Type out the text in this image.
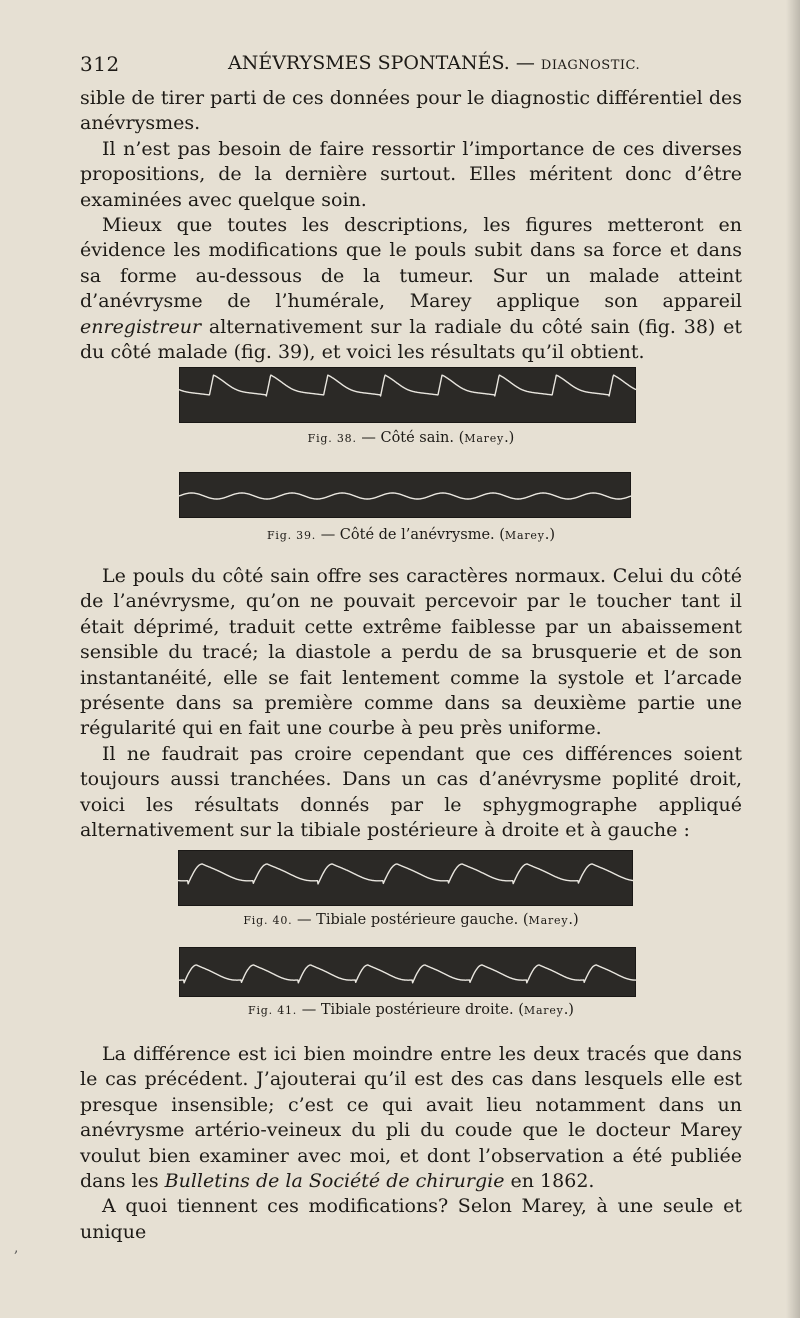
312	ANÉVRYSMES SPONTANÉS. — DIAGNOSTIC.

sible de tirer parti de ces données pour le diagnostic différentiel des anévrysmes.

Il n’est pas besoin de faire ressortir l’importance de ces diverses propositions, de la dernière surtout. Elles méritent donc d’être examinées avec quelque soin.

Mieux que toutes les descriptions, les figures metteront en évidence les modifications que le pouls subit dans sa force et dans sa forme au-dessous de la tumeur. Sur un malade atteint d’anévrysme de l’humérale, Marey applique son appareil enregistreur alternativement sur la radiale du côté sain (fig. 38) et du côté malade (fig. 39), et voici les résultats qu’il obtient.

Fig. 38. — Côté sain. (Marey.)
Fig. 39. — Côté de l’anévrysme. (Marey.)

Le pouls du côté sain offre ses caractères normaux. Celui du côté de l’anévrysme, qu’on ne pouvait percevoir par le toucher tant il était déprimé, traduit cette extrême faiblesse par un abaissement sensible du tracé; la diastole a perdu de sa brusquerie et de son instantanéité, elle se fait lentement comme la systole et l’arcade présente dans sa première comme dans sa deuxième partie une régularité qui en fait une courbe à peu près uniforme.

Il ne faudrait pas croire cependant que ces différences soient toujours aussi tranchées. Dans un cas d’anévrysme poplité droit, voici les résultats donnés par le sphygmographe appliqué alternativement sur la tibiale postérieure à droite et à gauche :

Fig. 40. — Tibiale postérieure gauche. (Marey.)
Fig. 41. — Tibiale postérieure droite. (Marey.)

La différence est ici bien moindre entre les deux tracés que dans le cas précédent. J’ajouterai qu’il est des cas dans lesquels elle est presque insensible; c’est ce qui avait lieu notamment dans un anévrysme artério-veineux du pli du coude que le docteur Marey voulut bien examiner avec moi, et dont l’observation a été publiée dans les Bulletins de la Société de chirurgie en 1862.

A quoi tiennent ces modifications? Selon Marey, à une seule et unique

,
